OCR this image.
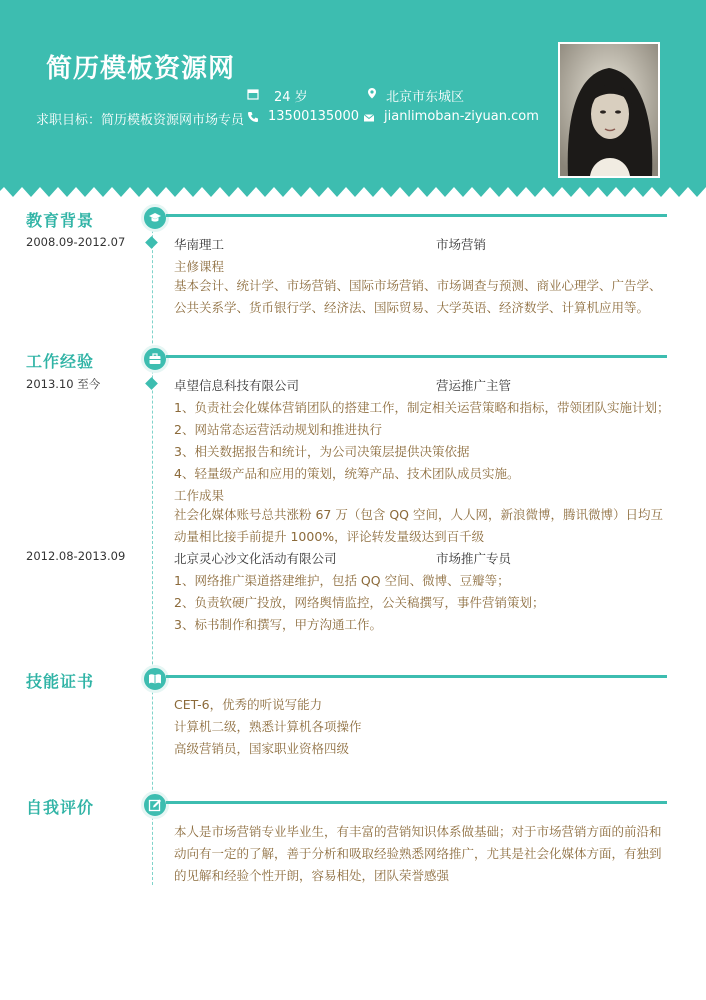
简历模板资源网
24 岁	北京市东城区
求职目标：简历模板资源网市场专员 13500135000 jianlimoban-ziyuan.com
教育背景
2008.09-2012.07	华南理工	市场营销
主修课程
基本会计、统计学、市场营销、国际市场营销、市场调查与预测、商业心理学、广告学、公共关系学、货币银行学、经济法、国际贸易、大学英语、经济数学、计算机应用等。
工作经验
2013.10 至今	卓望信息科技有限公司	营运推广主管
1、负责社会化媒体营销团队的搭建工作，制定相关运营策略和指标，带领团队实施计划；
2、网站常态运营活动规划和推进执行
3、相关数据报告和统计，为公司决策层提供决策依据
4、轻量级产品和应用的策划，统筹产品、技术团队成员实施。
工作成果
社会化媒体账号总共涨粉 67 万（包含 QQ 空间，人人网，新浪微博，腾讯微博）日均互动量相比接手前提升 1000%，评论转发量级达到百千级
2012.08-2013.09	北京灵心沙文化活动有限公司	市场推广专员
1、网络推广渠道搭建维护，包括 QQ 空间、微博、豆瓣等；
2、负责软硬广投放，网络舆情监控，公关稿撰写，事件营销策划；
3、标书制作和撰写，甲方沟通工作。
技能证书
CET-6，优秀的听说写能力
计算机二级，熟悉计算机各项操作
高级营销员，国家职业资格四级
自我评价
本人是市场营销专业毕业生，有丰富的营销知识体系做基础；对于市场营销方面的前沿和动向有一定的了解，善于分析和吸取经验熟悉网络推广，尤其是社会化媒体方面，有独到的见解和经验个性开朗，容易相处，团队荣誉感强
